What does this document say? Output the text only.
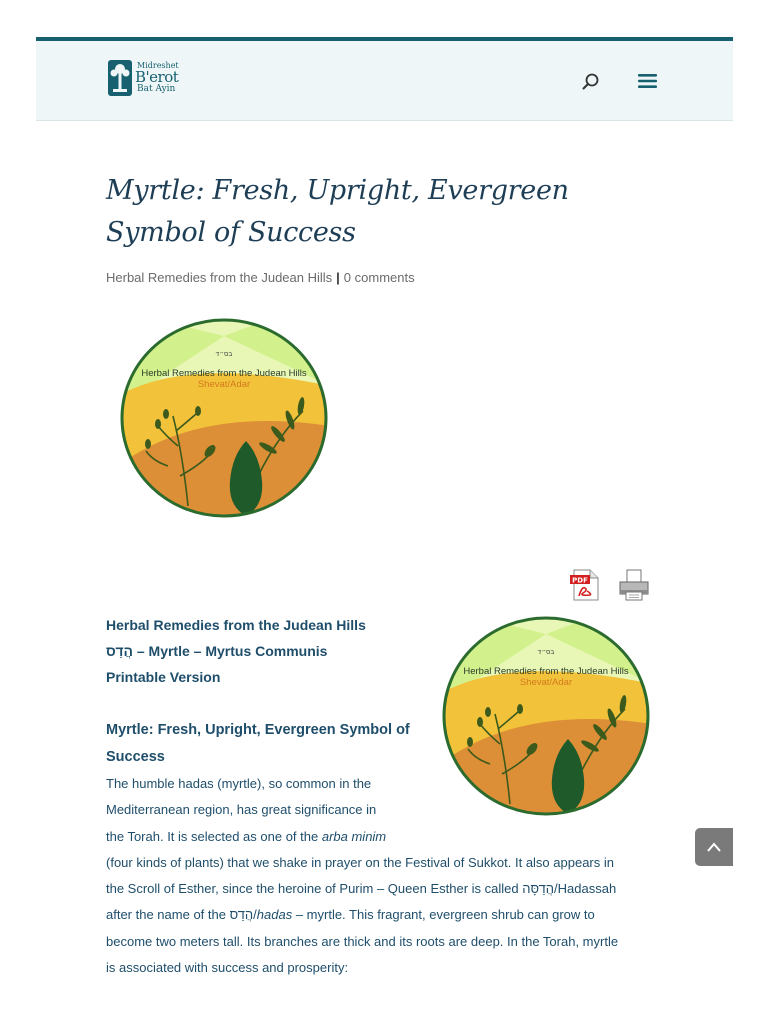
Midreshet
B'erot
Bat Ayin
Myrtle: Fresh, Upright, Evergreen Symbol of Success
Herbal Remedies from the Judean Hills | 0 comments
בס״ד
Herbal Remedies from the Judean Hills
Shevat/Adar
PDF
Herbal Remedies from the Judean Hills
הֲדַס – Myrtle – Myrtus Communis
Printable Version
Myrtle: Fresh, Upright, Evergreen Symbol of Success
בס״ד
Herbal Remedies from the Judean Hills
Shevat/Adar
The humble hadas (myrtle), so common in the
Mediterranean region, has great significance in
the Torah. It is selected as one of the arba minim
(four kinds of plants) that we shake in prayer on the Festival of Sukkot. It also appears in
the Scroll of Esther, since the heroine of Purim – Queen Esther is called הֲדַסָּה/Hadassah
after the name of the הֲדַס/hadas – myrtle. This fragrant, evergreen shrub can grow to
become two meters tall. Its branches are thick and its roots are deep. In the Torah, myrtle
is associated with success and prosperity:
